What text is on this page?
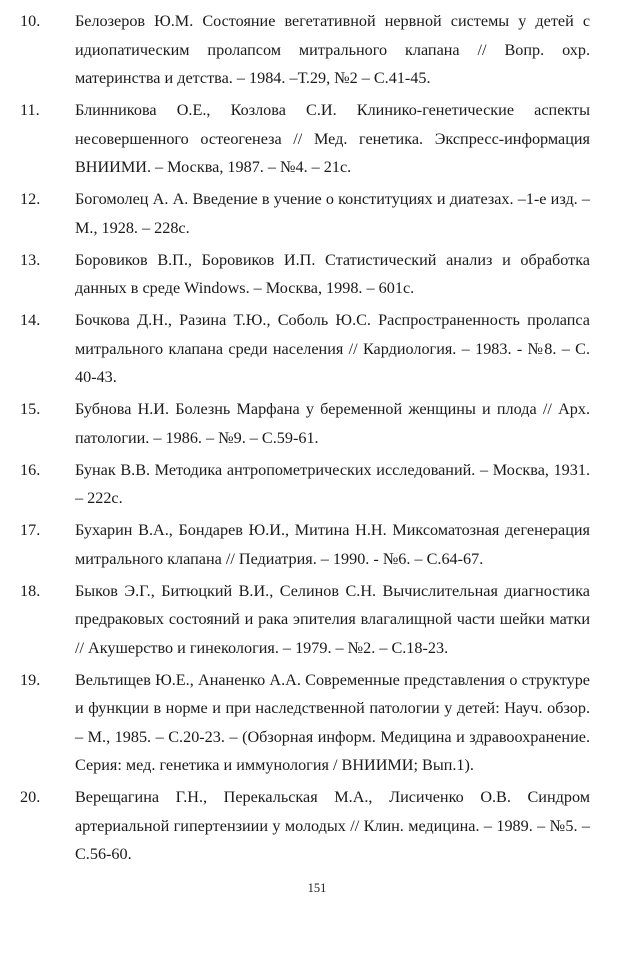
10.	Белозеров Ю.М. Состояние вегетативной нервной системы у детей с идиопатическим пролапсом митрального клапана // Вопр. охр. материнства и детства. – 1984. –Т.29, №2 – С.41-45.
11.	Блинникова О.Е., Козлова С.И. Клинико-генетические аспекты несовершенного остеогенеза // Мед. генетика. Экспресс-информация ВНИИМИ. – Москва, 1987. – №4. – 21с.
12.	Богомолец А. А. Введение в учение о конституциях и диатезах. –1-е изд. – М., 1928. – 228с.
13.	Боровиков В.П., Боровиков И.П. Статистический анализ и обработка данных в среде Windows. – Москва, 1998. – 601с.
14.	Бочкова Д.Н., Разина Т.Ю., Соболь Ю.С. Распространенность пролапса митрального клапана среди населения // Кардиология. – 1983. - №8. – С. 40-43.
15.	Бубнова Н.И. Болезнь Марфана у беременной женщины и плода // Арх. патологии. – 1986. – №9. – С.59-61.
16.	Бунак В.В. Методика антропометрических исследований. – Москва, 1931. – 222с.
17.	Бухарин В.А., Бондарев Ю.И., Митина Н.Н. Миксоматозная дегенерация митрального клапана // Педиатрия. – 1990. - №6. – С.64-67.
18.	Быков Э.Г., Битюцкий В.И., Селинов С.Н. Вычислительная диагностика предраковых состояний и рака эпителия влагалищной части шейки матки // Акушерство и гинекология. – 1979. – №2. – С.18-23.
19.	Вельтищев Ю.Е., Ананенко А.А. Современные представления о структуре и функции в норме и при наследственной патологии у детей: Науч. обзор. – М., 1985. – С.20-23. – (Обзорная информ. Медицина и здравоохранение. Серия: мед. генетика и иммунология / ВНИИМИ; Вып.1).
20.	Верещагина Г.Н., Перекальская М.А., Лисиченко О.В. Синдром артериальной гипертензиии у молодых // Клин. медицина. – 1989. – №5. – С.56-60.
151
